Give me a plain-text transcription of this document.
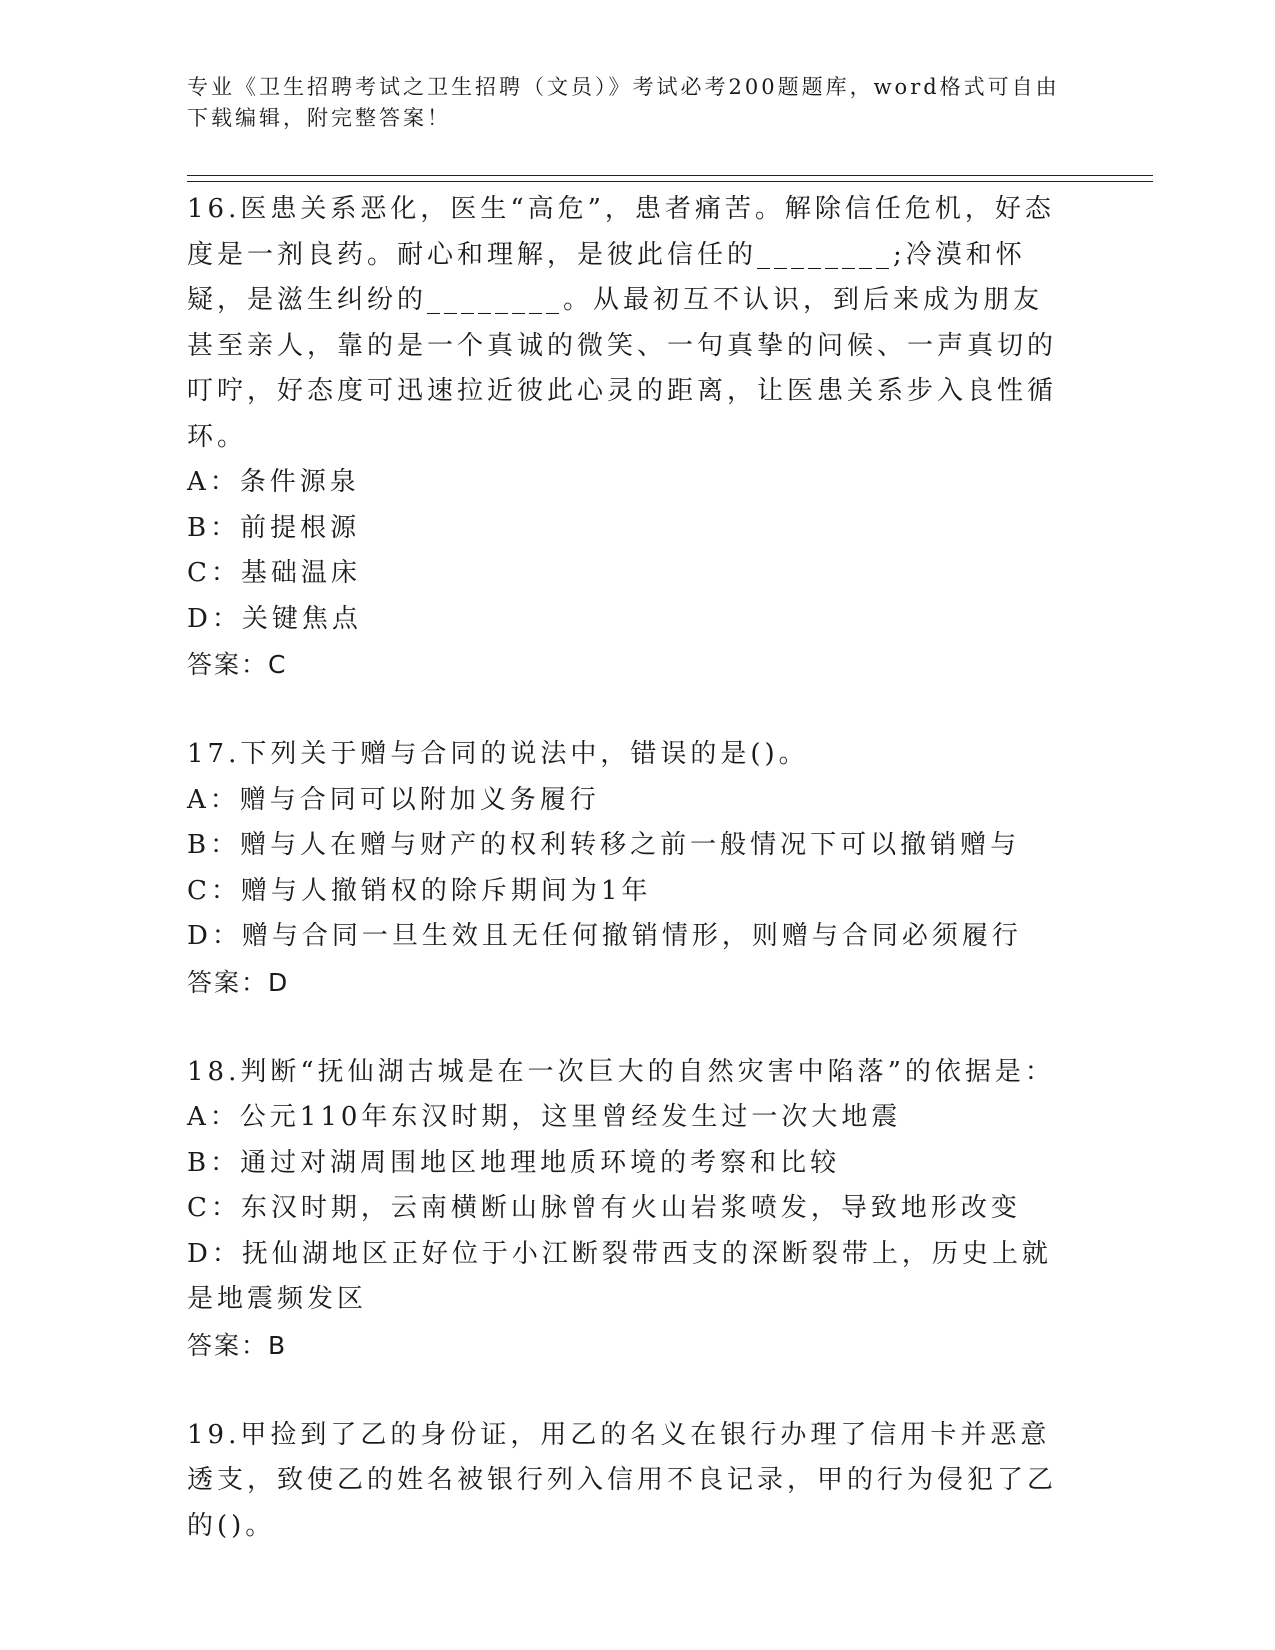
专业《卫生招聘考试之卫生招聘（文员）》考试必考200题题库，word格式可自由下载编辑，附完整答案！
16.医患关系恶化，医生“高危”，患者痛苦。解除信任危机，好态度是一剂良药。耐心和理解，是彼此信任的________;冷漠和怀疑，是滋生纠纷的________。从最初互不认识，到后来成为朋友甚至亲人，靠的是一个真诚的微笑、一句真挚的问候、一声真切的叮咛，好态度可迅速拉近彼此心灵的距离，让医患关系步入良性循环。
A：条件源泉
B：前提根源
C：基础温床
D：关键焦点
答案：C
17.下列关于赠与合同的说法中，错误的是()。
A：赠与合同可以附加义务履行
B：赠与人在赠与财产的权利转移之前一般情况下可以撤销赠与
C：赠与人撤销权的除斥期间为1年
D：赠与合同一旦生效且无任何撤销情形，则赠与合同必须履行
答案：D
18.判断“抚仙湖古城是在一次巨大的自然灾害中陷落”的依据是：
A：公元110年东汉时期，这里曾经发生过一次大地震
B：通过对湖周围地区地理地质环境的考察和比较
C：东汉时期，云南横断山脉曾有火山岩浆喷发，导致地形改变
D：抚仙湖地区正好位于小江断裂带西支的深断裂带上，历史上就是地震频发区
答案：B
19.甲捡到了乙的身份证，用乙的名义在银行办理了信用卡并恶意透支，致使乙的姓名被银行列入信用不良记录，甲的行为侵犯了乙的()。
